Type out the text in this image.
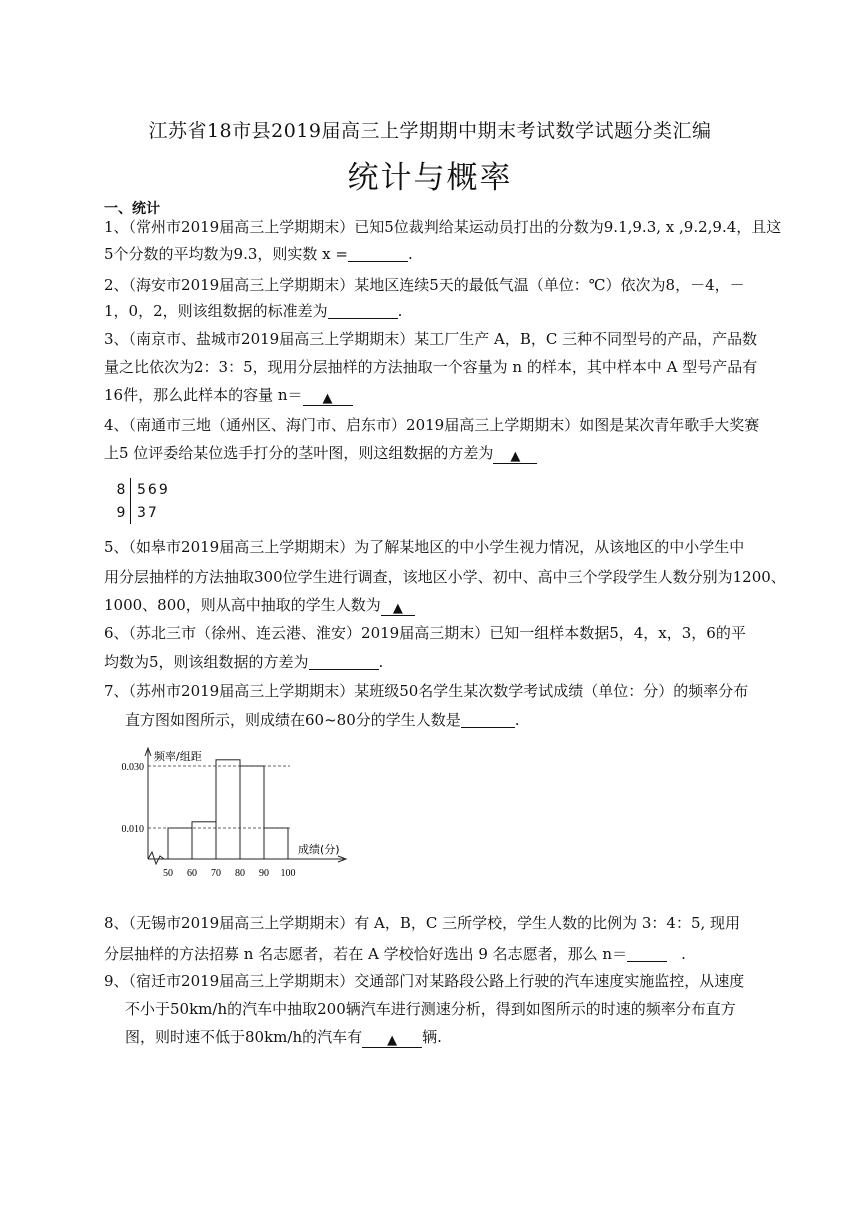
江苏省18市县2019届高三上学期期中期末考试数学试题分类汇编
统计与概率
一、统计
1、（常州市2019届高三上学期期末）已知5位裁判给某运动员打出的分数为9.1,9.3, x ,9.2,9.4，且这
5个分数的平均数为9.3，则实数 x =	.
2、（海安市2019届高三上学期期末）某地区连续5天的最低气温（单位：℃）依次为8，－4，－
1，0，2，则该组数据的标准差为	.
3、（南京市、盐城市2019届高三上学期期末）某工厂生产 A，B，C 三种不同型号的产品，产品数
量之比依次为2：3：5，现用分层抽样的方法抽取一个容量为 n 的样本，其中样本中 A 型号产品有
16件，那么此样本的容量 n＝ ▲
4、（南通市三地（通州区、海门市、启东市）2019届高三上学期期末）如图是某次青年歌手大奖赛
上5 位评委给某位选手打分的茎叶图，则这组数据的方差为 ▲
8 569
9 37
5、（如皋市2019届高三上学期期末）为了解某地区的中小学生视力情况，从该地区的中小学生中
用分层抽样的方法抽取300位学生进行调查，该地区小学、初中、高中三个学段学生人数分别为1200、
1000、800，则从高中抽取的学生人数为 ▲
6、（苏北三市（徐州、连云港、淮安）2019届高三期末）已知一组样本数据5，4，x，3，6的平
均数为5，则该组数据的方差为	.
7、（苏州市2019届高三上学期期末）某班级50名学生某次数学考试成绩（单位：分）的频率分布
直方图如图所示，则成绩在60~80分的学生人数是	.
0.010
0.030
50 60 70 80 90 100
频率/组距
成绩(分)
8、（无锡市2019届高三上学期期末）有 A，B，C 三所学校，学生人数的比例为 3：4：5, 现用
分层抽样的方法招募 n 名志愿者，若在 A 学校恰好选出 9 名志愿者，那么 n＝	.
9、（宿迁市2019届高三上学期期末）交通部门对某路段公路上行驶的汽车速度实施监控，从速度
不小于50km/h的汽车中抽取200辆汽车进行测速分析，得到如图所示的时速的频率分布直方
图，则时速不低于80km/h的汽车有 ▲ 辆.
